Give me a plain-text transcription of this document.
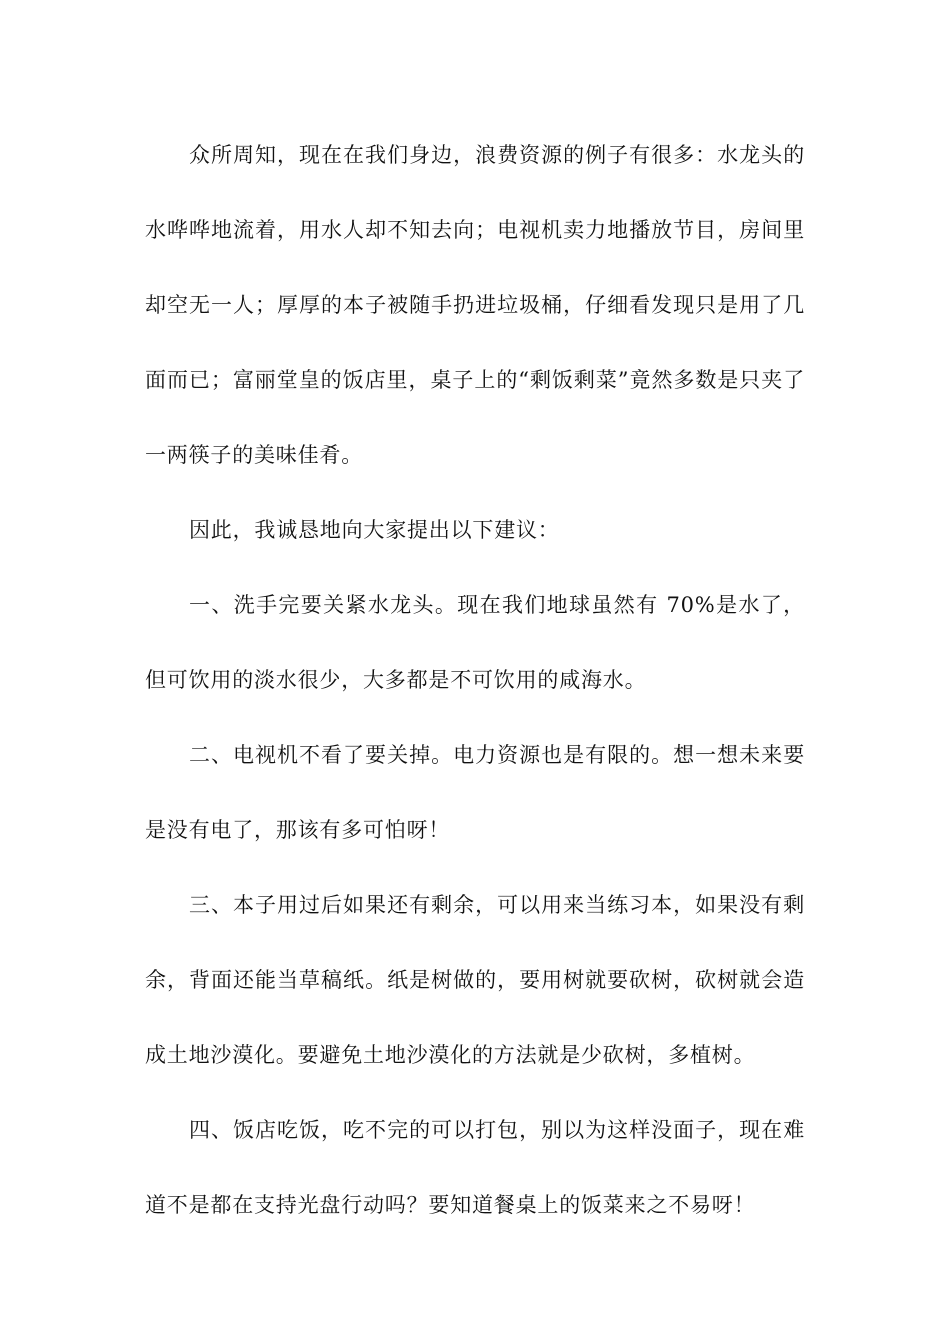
众所周知，现在在我们身边，浪费资源的例子有很多：水龙头的水哗哗地流着，用水人却不知去向；电视机卖力地播放节目，房间里却空无一人；厚厚的本子被随手扔进垃圾桶，仔细看发现只是用了几面而已；富丽堂皇的饭店里，桌子上的“剩饭剩菜”竟然多数是只夹了一两筷子的美味佳肴。

因此，我诚恳地向大家提出以下建议：

一、洗手完要关紧水龙头。现在我们地球虽然有 70%是水了，但可饮用的淡水很少，大多都是不可饮用的咸海水。

二、电视机不看了要关掉。电力资源也是有限的。想一想未来要是没有电了，那该有多可怕呀！

三、本子用过后如果还有剩余，可以用来当练习本，如果没有剩余，背面还能当草稿纸。纸是树做的，要用树就要砍树，砍树就会造成土地沙漠化。要避免土地沙漠化的方法就是少砍树，多植树。

四、饭店吃饭，吃不完的可以打包，别以为这样没面子，现在难道不是都在支持光盘行动吗？要知道餐桌上的饭菜来之不易呀！
